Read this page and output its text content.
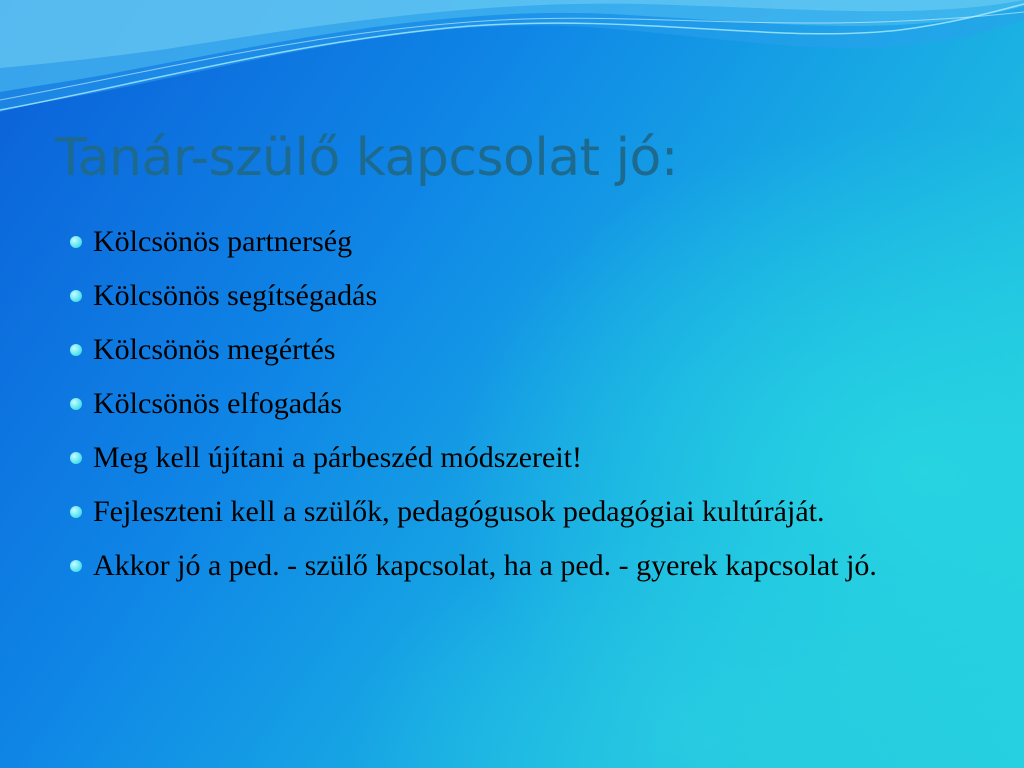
Tanár-szülő kapcsolat jó:
Kölcsönös partnerség
Kölcsönös segítségadás
Kölcsönös megértés
Kölcsönös elfogadás
Meg kell újítani a párbeszéd módszereit!
Fejleszteni kell a szülők, pedagógusok pedagógiai kultúráját.
Akkor jó a ped. - szülő kapcsolat, ha a ped. - gyerek kapcsolat jó.
